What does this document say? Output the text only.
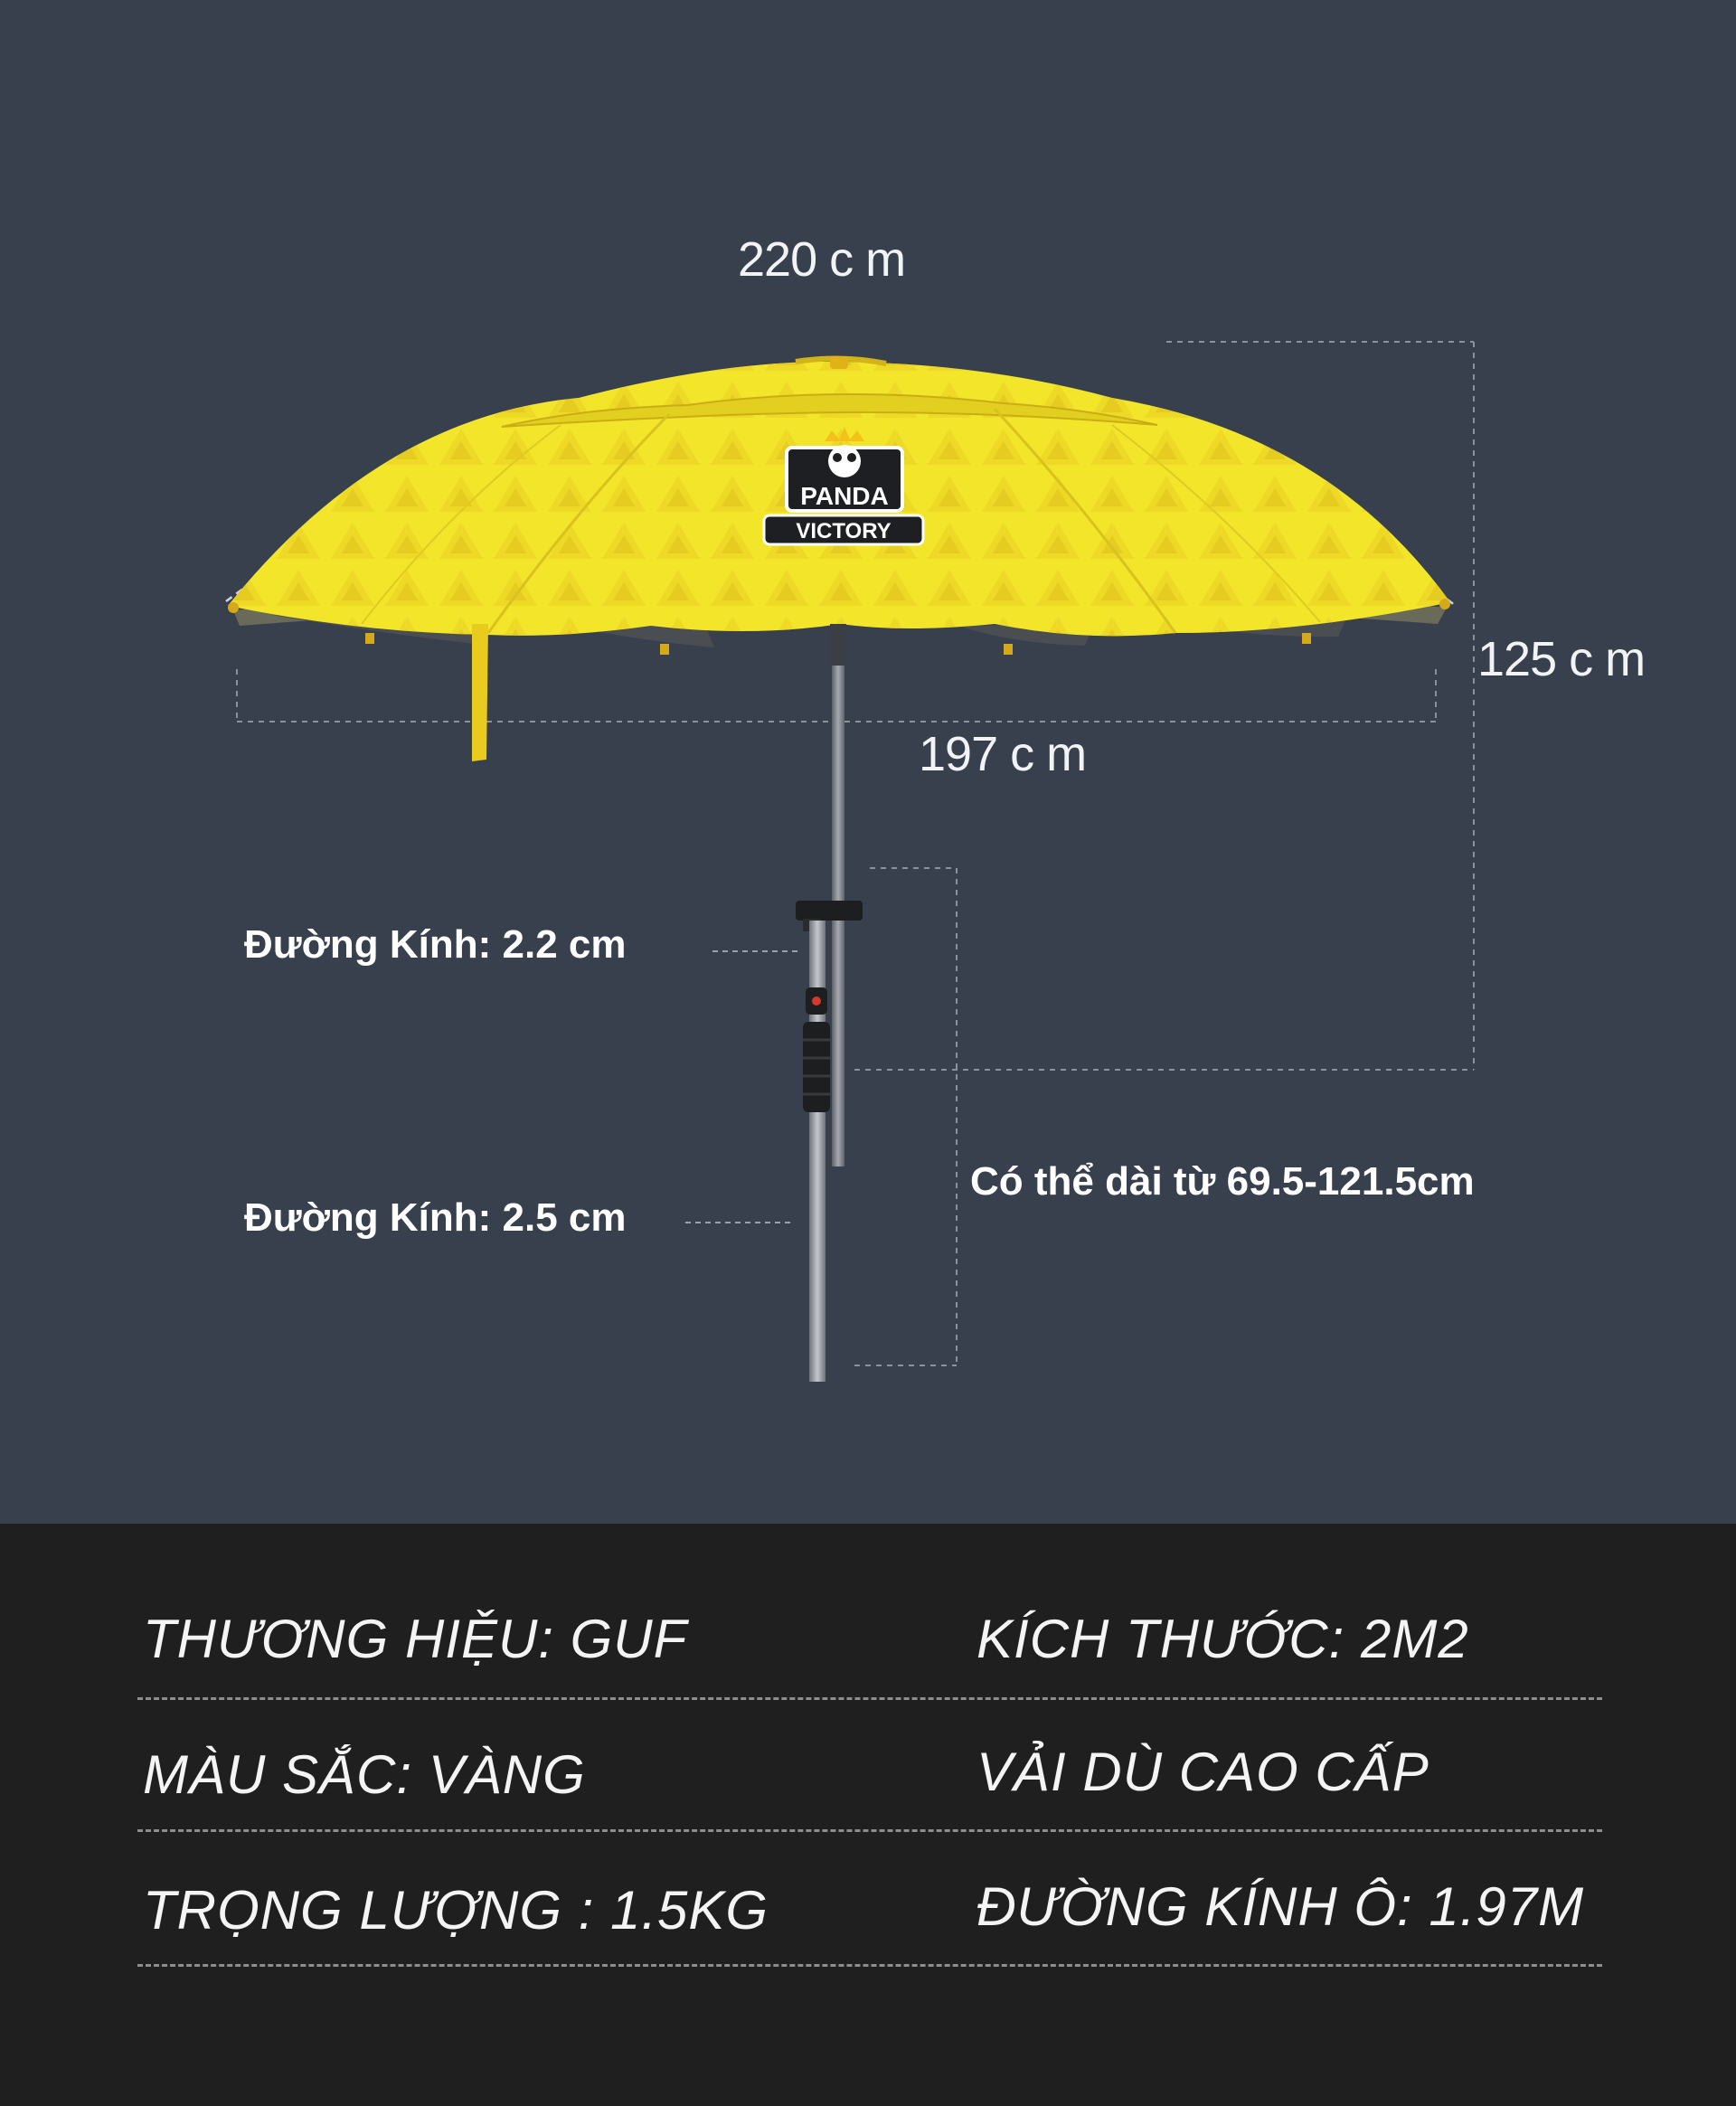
PANDA
VICTORY
220 c m
125 c m
197 c m
Đường Kính: 2.2 cm
Đường Kính: 2.5 cm
Có thể dài từ 69.5-121.5cm
THƯƠNG HIỆU: GUF	KÍCH THƯỚC: 2M2
MÀU SẮC: VÀNG	VẢI DÙ CAO CẤP
TRỌNG LƯỢNG : 1.5KG	ĐƯỜNG KÍNH Ô: 1.97M
